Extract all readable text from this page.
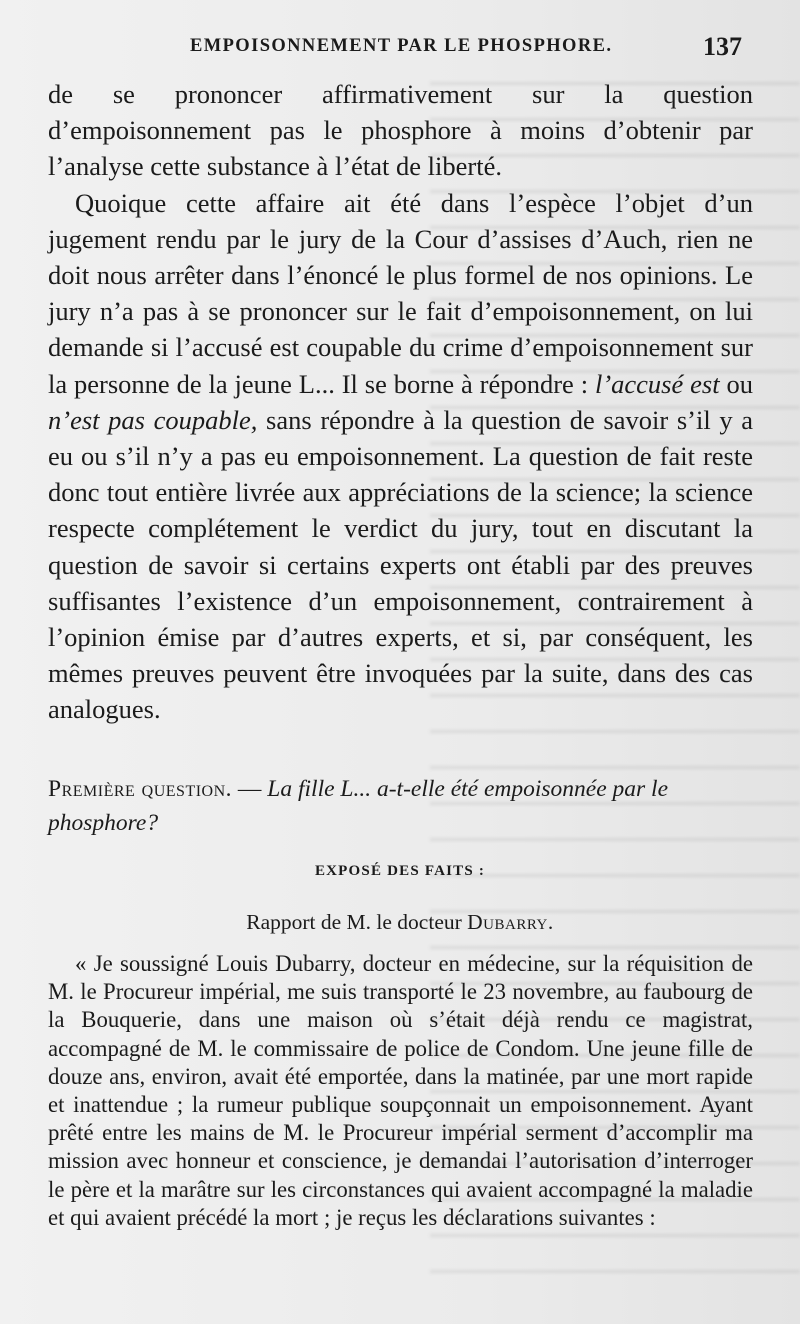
EMPOISONNEMENT PAR LE PHOSPHORE.	137

de se prononcer affirmativement sur la question d’empoisonnement pas le phosphore à moins d’obtenir par l’analyse cette substance à l’état de liberté.

Quoique cette affaire ait été dans l’espèce l’objet d’un jugement rendu par le jury de la Cour d’assises d’Auch, rien ne doit nous arrêter dans l’énoncé le plus formel de nos opinions. Le jury n’a pas à se prononcer sur le fait d’empoisonnement, on lui demande si l’accusé est coupable du crime d’empoisonnement sur la personne de la jeune L... Il se borne à répondre : l’accusé est ou n’est pas coupable, sans répondre à la question de savoir s’il y a eu ou s’il n’y a pas eu empoisonnement. La question de fait reste donc tout entière livrée aux appréciations de la science; la science respecte complétement le verdict du jury, tout en discutant la question de savoir si certains experts ont établi par des preuves suffisantes l’existence d’un empoisonnement, contrairement à l’opinion émise par d’autres experts, et si, par conséquent, les mêmes preuves peuvent être invoquées par la suite, dans des cas analogues.

Première question. — La fille L... a-t-elle été empoisonnée par le phosphore?
EXPOSÉ DES FAITS :
Rapport de M. le docteur Dubarry.

« Je soussigné Louis Dubarry, docteur en médecine, sur la réquisition de M. le Procureur impérial, me suis transporté le 23 novembre, au faubourg de la Bouquerie, dans une maison où s’était déjà rendu ce magistrat, accompagné de M. le commissaire de police de Condom. Une jeune fille de douze ans, environ, avait été emportée, dans la matinée, par une mort rapide et inattendue ; la rumeur publique soupçonnait un empoisonnement. Ayant prêté entre les mains de M. le Procureur impérial serment d’accomplir ma mission avec honneur et conscience, je demandai l’autorisation d’interroger le père et la marâtre sur les circonstances qui avaient accompagné la maladie et qui avaient précédé la mort ; je reçus les déclarations suivantes :
